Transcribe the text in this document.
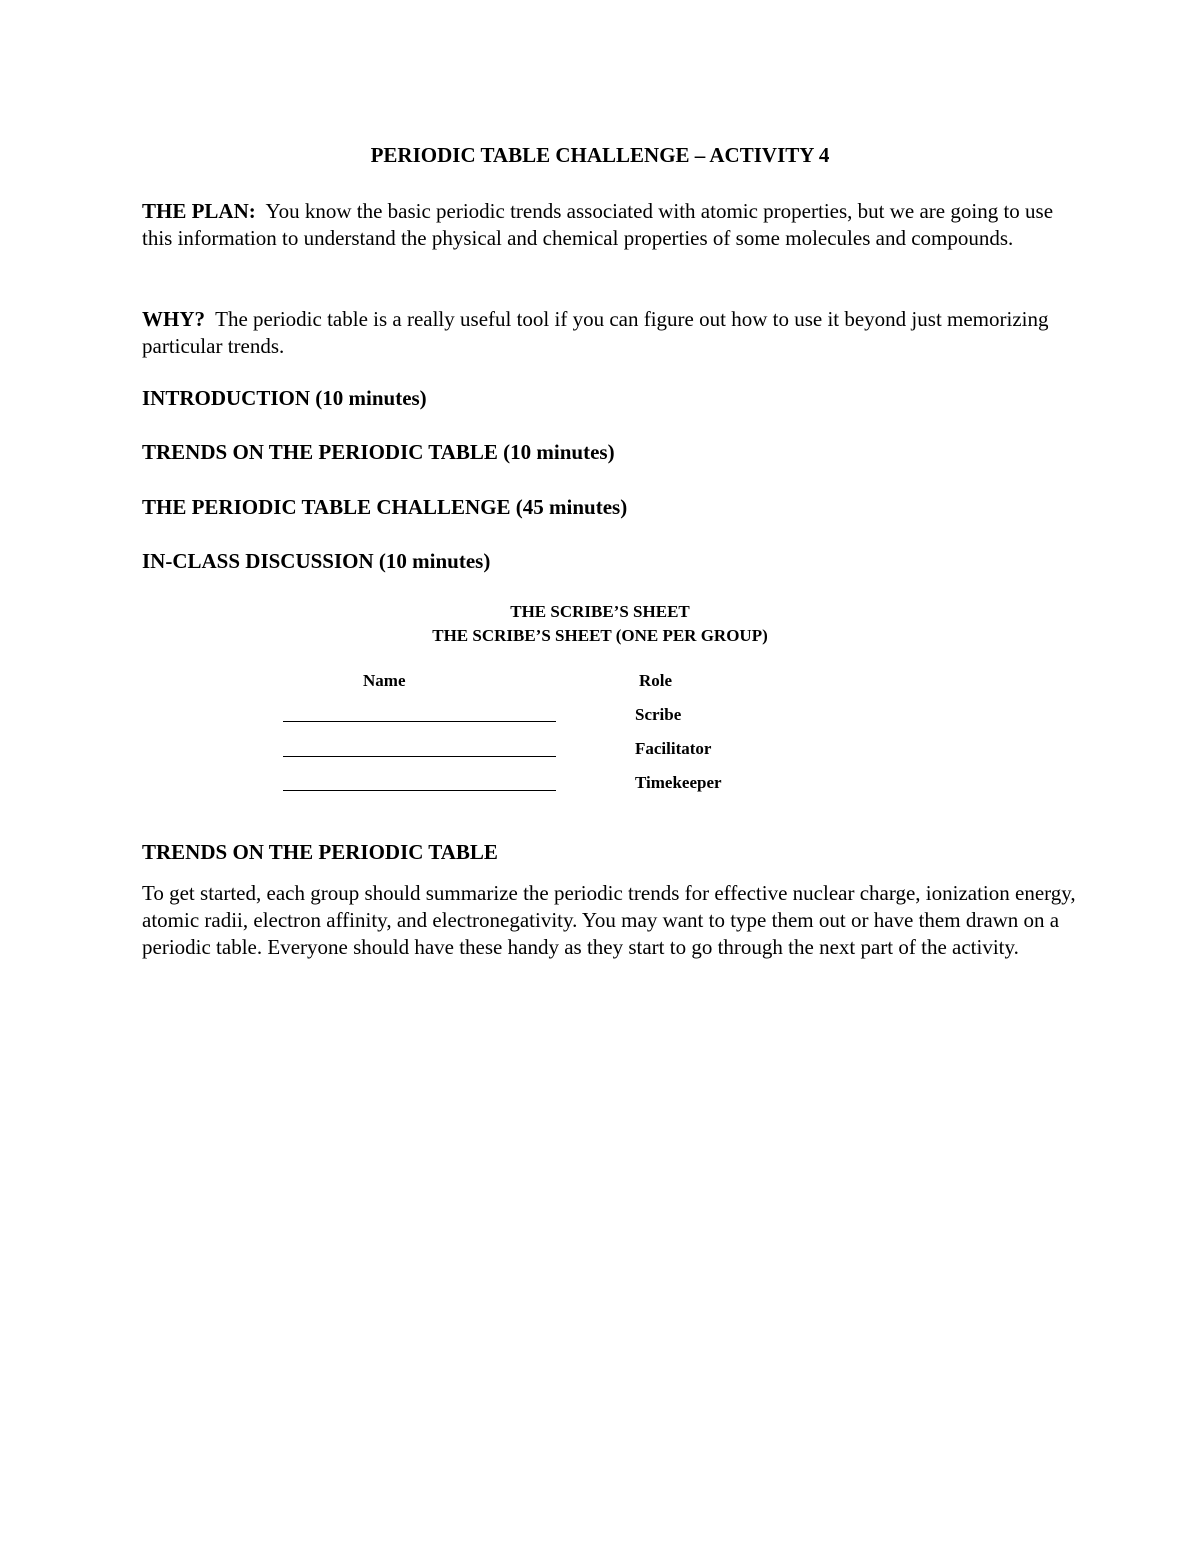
PERIODIC TABLE CHALLENGE – ACTIVITY 4
THE PLAN: You know the basic periodic trends associated with atomic properties, but we are going to use this information to understand the physical and chemical properties of some molecules and compounds.
WHY? The periodic table is a really useful tool if you can figure out how to use it beyond just memorizing particular trends.
INTRODUCTION (10 minutes)
TRENDS ON THE PERIODIC TABLE (10 minutes)
THE PERIODIC TABLE CHALLENGE (45 minutes)
IN-CLASS DISCUSSION (10 minutes)
THE SCRIBE’S SHEET
THE SCRIBE’S SHEET (ONE PER GROUP)
Name	Role
Scribe
Facilitator
Timekeeper
TRENDS ON THE PERIODIC TABLE
To get started, each group should summarize the periodic trends for effective nuclear charge, ionization energy, atomic radii, electron affinity, and electronegativity. You may want to type them out or have them drawn on a periodic table. Everyone should have these handy as they start to go through the next part of the activity.
